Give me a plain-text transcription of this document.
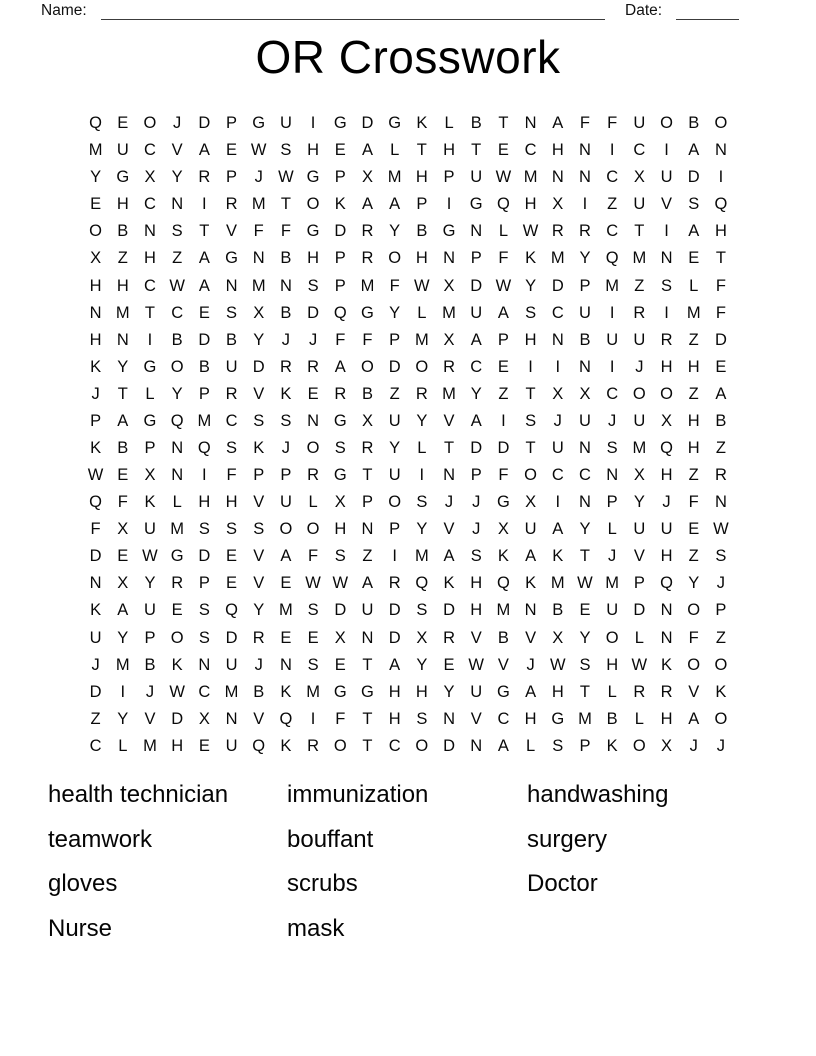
Name:	Date:
OR Crosswork
Q E O	J	D P G U	I	G D G K	L	B	T N A	F	F U O B O
M U C V A E W S H E A	L	T H T	E C H N	I	C	I	A N
Y G X Y R P	J W G P X M H P U W M N N C X U D	I
E H C N	I	R M T O K A A P	I	G Q H X	I	Z U V S Q
O B N S	T	V	F	F G D R Y B G N	L W R R C T	I	A H
X	Z H Z	A G N B H P R O H N P	F	K M Y Q M N E	T
H H C W A N M N S P M F W X D W Y D P M Z	S	L	F
N M T C E S X B D Q G Y	L M U A S C U	I	R	I	M F
H N	I	B D B Y	J	J	F	F	P M X A P H N B U U R Z D
K Y G O B U D R R A O D O R C E	I	I	N	I	J	H H E
J	T	L	Y P R V K E R B	Z R M Y	Z	T	X X C O O Z	A
P A G Q M C S S N G X U Y V A	I	S	J	U	J	U X H B
K B P N Q S K	J	O S R Y	L	T D D T U N S M Q H Z
W E X N	I	F	P P R G T U	I	N P	F O C C N X H Z R
Q F	K	L	H H V U	L	X P O S	J	J	G X	I	N P Y	J	F N
F	X U M S S S O O H N P Y V	J	X U A Y	L	U U E W
D E W G D E V A	F	S	Z	I	M A S K A K	T	J	V H Z	S
N X Y R P E V E W W A R Q K H Q K M W M P Q Y	J
K A U E S Q Y M S D U D S D H M N B E U D N O P
U Y P O S D R E E X N D X R V B V X Y O L	N F	Z
J M B K N U	J	N S E	T	A Y E W V	J W S H W K O O
D	I	J W C M B K M G G H H Y U G A H T	L	R R V K
Z	Y V D X N V Q	I	F	T H S N V C H G M B	L	H A O
C	L M H E U Q K R O T C O D N A	L	S P K O X	J	J
health technician
teamwork
gloves
Nurse
immunization
bouffant
scrubs
mask
handwashing
surgery
Doctor
